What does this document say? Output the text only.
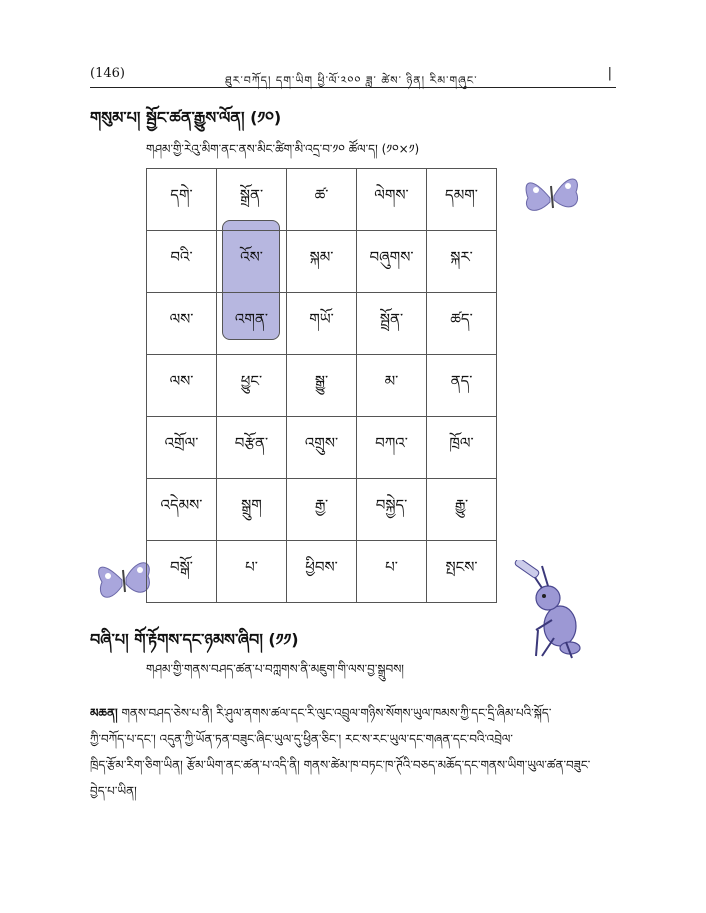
(146)	ཐུར་བཀོད། དག་ཡིག ཕྱི་ལོ་༢༠༠ ཟླ་ ཚེས་ ཉིན། རིམ་གཞུང་	|
གསུམ་པ། སྦྱོང་ཚན་རྒྱུས་ལོན། (༡༠)
གཤམ་གྱི་རེའུ་མིག་ནང་ནས་མིང་ཚིག་མི་འདྲ་བ་༡༠ ཚོལ་ད། (༡༠×༡)
དགེ་	སྒྲོན་	ཚ་	ལེགས་	དམག་
བའི་	འོས་	སྐམ་	བཞུགས་	སྐར་
ལས་	འགན་	གཡོ་	སྦྲོན་	ཚད་
ལས་	ཕྱུང་	སྒྱུ་	མ་	ནད་
འགྲོལ་	བརྩོན་	འགྲུས་	བཀའ་	ཁྲོལ་
འདེམས་	སྒྲུག	རྒྱ་	བསྐྱེད་	རྒྱུ་
བསྒོ་	པ་	ཕྱིབས་	པ་	སྤངས་
བཞི་པ། གོ་རྟོགས་དང་ཉམས་ཞིབ། (༡༡)
གཤམ་གྱི་གནས་བཤད་ཚན་པ་བཀླགས་ནི་མཇུག་གི་ལས་བྱ་སྒྲུབས།
མཆན། གནས་བཤད་ཅེས་པ་ནི། རི་ཤུལ་ནགས་ཚལ་དང་རི་ལུང་འབྲུལ་གཉིས་སོགས་ཡུལ་ཁམས་ཀྱི་དང་དྲི་ཞིམ་པའི་སྐོད་
ཀྱི་བཀོད་པ་དང་། འདུན་ཀྱི་ཡོན་ཏན་བཟུང་ཞིང་ཡུལ་དུ་ཕྱིན་ཅིང་། རང་ས་རང་ཡུལ་དང་གཞན་དང་བའི་འབྲེལ་
ཁྲིད་རྩོམ་རིག་ཅིག་ཡིན། རྩོམ་ཡིག་ནང་ཚན་པ་འདི་ནི། གནས་ཚེམ་ཁ་བཏང་ཁ་ཊོའི་བཅད་མཆོད་དང་གནས་ཡིག་ཡུལ་ཚན་བཟུང་
བྱེད་པ་ཡིན།
